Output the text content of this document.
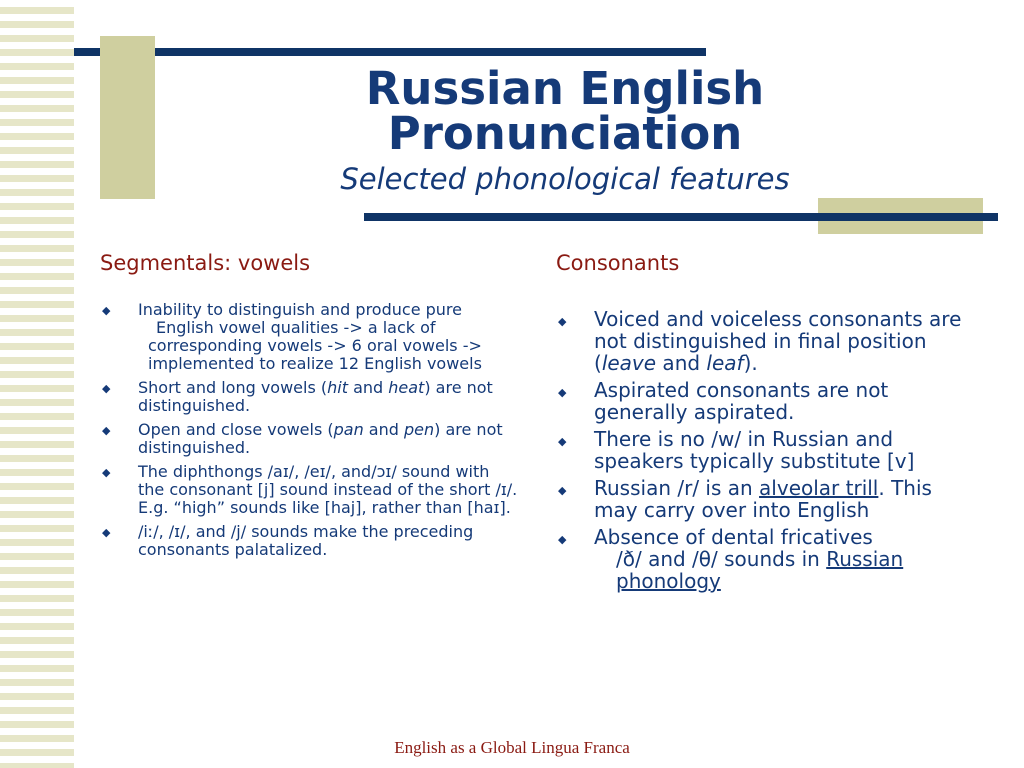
Russian English Pronunciation

Selected phonological features

Segmentals: vowels	Consonants
◆ Inability to distinguish and produce pure
English vowel qualities -> a lack of
corresponding vowels -> 6 oral vowels -> implemented to realize 12 English vowels
◆ Short and long vowels (hit and heat) are not distinguished.
◆ Open and close vowels (pan and pen) are not distinguished.
◆ The diphthongs /aɪ/, /eɪ/, and/ɔɪ/ sound with the consonant [j] sound instead of the short /ɪ/. E.g. “high” sounds like [haj], rather than [haɪ].
◆ /iː/, /ɪ/, and /j/ sounds make the preceding consonants palatalized.
◆ Voiced and voiceless consonants are not distinguished in final position (leave and leaf).
◆ Aspirated consonants are not generally aspirated.
◆ There is no /w/ in Russian and speakers typically substitute [v]
◆ Russian /r/ is an alveolar trill. This may carry over into English
◆ Absence of dental fricatives
/ð/ and /θ/ sounds in Russian phonology
English as a Global Lingua Franca
